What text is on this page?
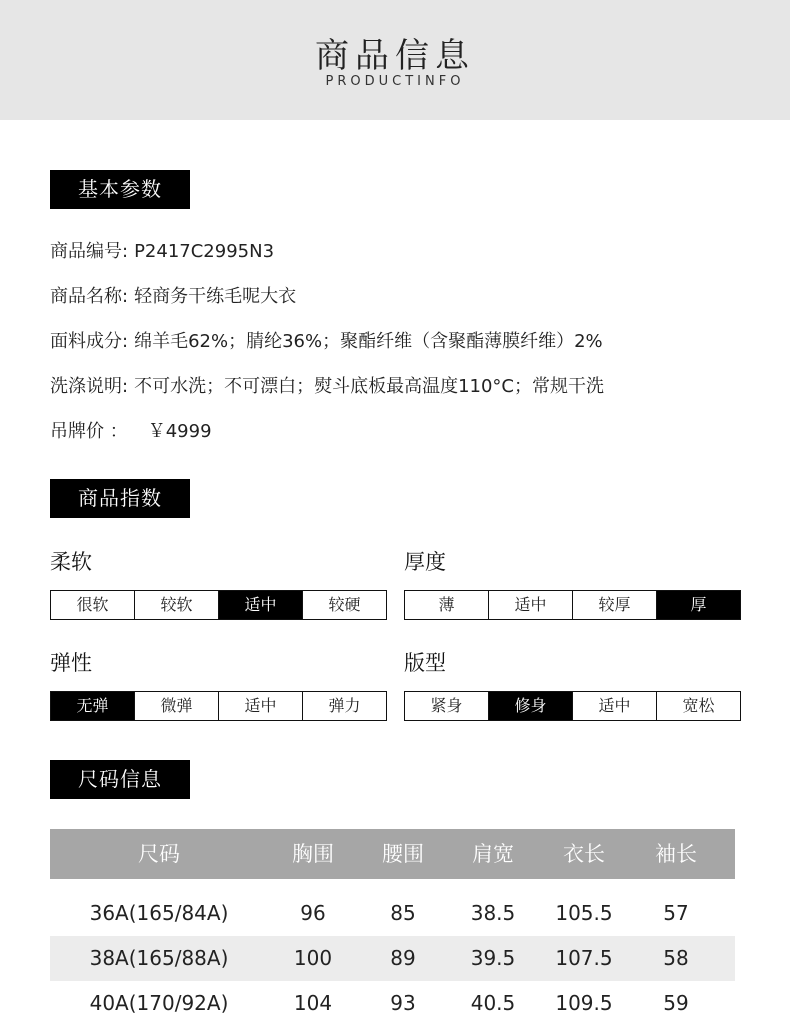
商品信息
PRODUCTINFO
基本参数
商品编号: P2417C2995N3
商品名称: 轻商务干练毛呢大衣
面料成分: 绵羊毛62%；腈纶36%；聚酯纤维（含聚酯薄膜纤维）2%
洗涤说明: 不可水洗；不可漂白；熨斗底板最高温度110°C；常规干洗
吊牌价 ： ￥4999
商品指数
柔软
很软	较软	适中	较硬
厚度
薄	适中	较厚	厚
弹性
无弹	微弹	适中	弹力
版型
紧身	修身	适中	宽松
尺码信息
尺码	胸围	腰围	肩宽	衣长	袖长
36A(165/84A)	96	85	38.5	105.5	57
38A(165/88A)	100	89	39.5	107.5	58
40A(170/92A)	104	93	40.5	109.5	59
